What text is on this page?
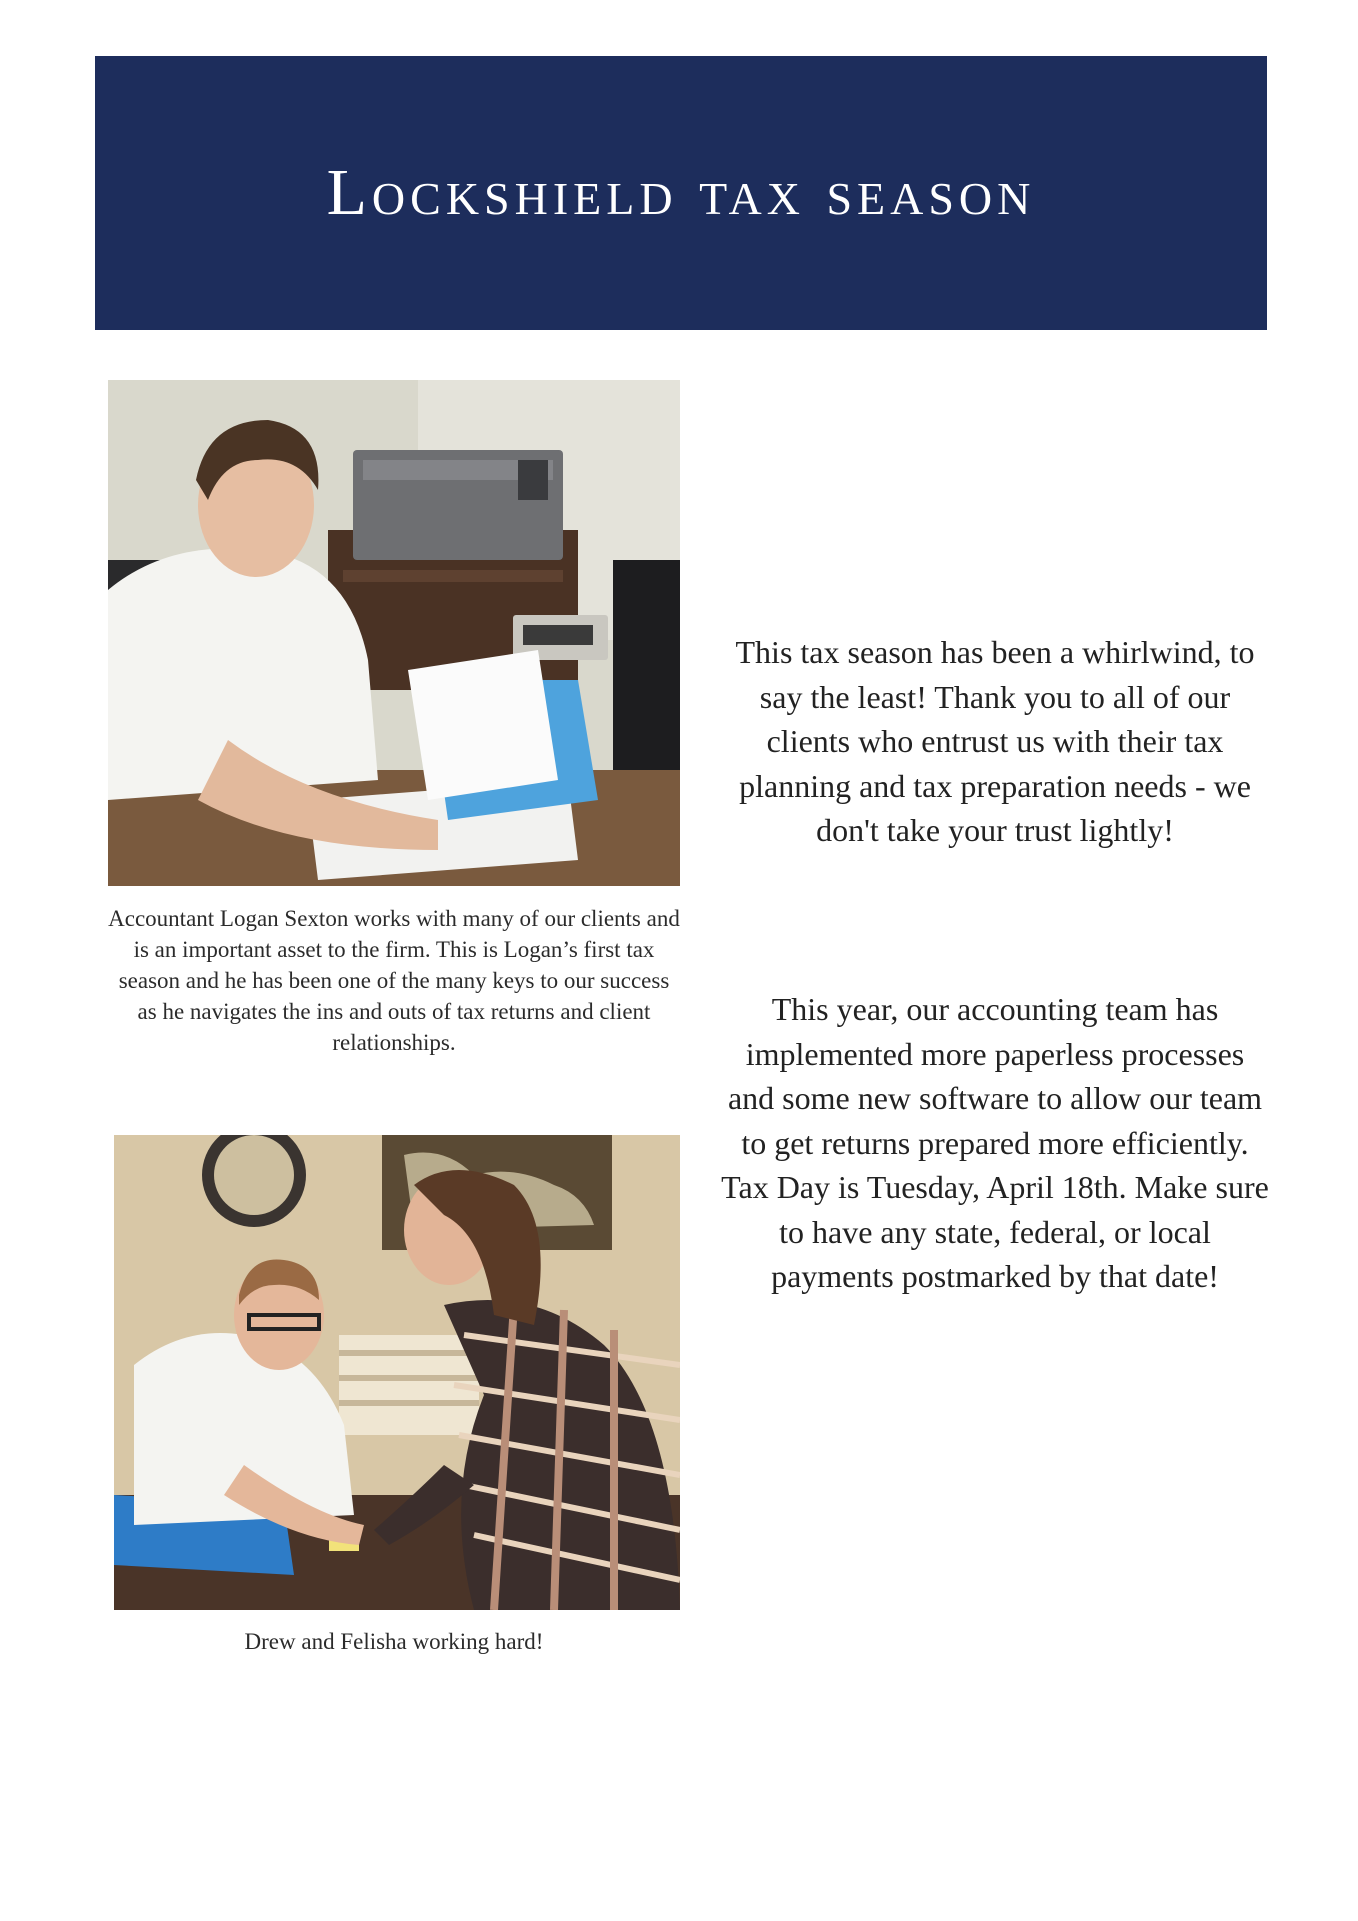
Lockshield tax season

Accountant Logan Sexton works with many of our clients and is an important asset to the firm. This is Logan’s first tax season and he has been one of the many keys to our success as he navigates the ins and outs of tax returns and client relationships.

Drew and Felisha working hard!

This tax season has been a whirlwind, to say the least! Thank you to all of our clients who entrust us with their tax planning and tax preparation needs - we don't take your trust lightly!

This year, our accounting team has implemented more paperless processes and some new software to allow our team to get returns prepared more efficiently. Tax Day is Tuesday, April 18th. Make sure to have any state, federal, or local payments postmarked by that date!
